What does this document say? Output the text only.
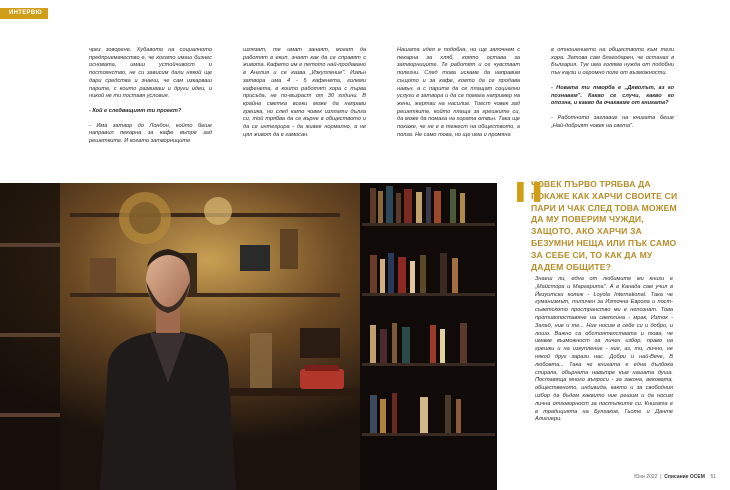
ИНТЕРВЮ

чрез зоворене. Хубавото на социалното предприемачество е, че когато имаш бизнес основата, имаш устойчивост и постоянство, не си зависим дали някой ще дари средства и знаеш, че сам изкарваш парите, с които развиваш и други идеи, и никой не ти поставя условия.

- Кой е следващият ти проект?

- Има затвор до Лондон, който беше направил пекарна за кафе вътре зад решетките. И когато затворниците

излязат, те имат занаят, могат да работят в екип, знаят как да се справят с живота. Кафето им е петото най-продавано в Англия и се казва „Изкупление". Извън затвора има 4 - 5 кафенета, големи кафенета, в които работят хора с първа присъда, не по-възраст от 30 години. В крайна сметка всеки може да направи грешка, но след като човек изплати дълга си, той трябва да се върне в обществото и да се интегрира - да живее нормално, а не цял живот да е гамосан.

Нашата идея е подобна, но ще започнем с пекарна за хляб, която остава за затворниците. Те работят и се чувстват полезни. След това искаме да направим същото и за кафе, което да се продава навън, а с парите да се плащат социални услуги в затвора и да се помага например на жени, жертви на насилие. Тоест човек зад решетките, който плаща за грешките си, да може да помага на хората отвън. Така ще покаже, че не е в тежест на обществото, а полза. Не само това, но ще има и промяна

в отношението на обществото към тези хора. Затова сам благодарен, че останах в България. Тук има голяма нужда от подобни пън каузи и огромно поле от възможности.

- Новата ти творба е „Дяволът, аз го познавам". Какво се случи, какво го опозна, и какво да очакваме от книгата?

- Работното заглавие на книгата беше „Най-добрият човек на света".

❚❚
ЧОВЕК ПЪРВО ТРЯБВА ДА ПОКАЖЕ КАК ХАРЧИ СВОИТЕ СИ ПАРИ И ЧАК СЛЕД ТОВА МОЖЕМ ДА МУ ПОВЕРИМ ЧУЖДИ, ЗАЩОТО, АКО ХАРЧИ ЗА БЕЗУМНИ НЕЩА ИЛИ ПЪК САМО ЗА СЕБЕ СИ, ТО КАК ДА МУ ДАДЕМ ОБЩИТЕ?
Знаеш ли, една от любимите ми книги е „Майстора и Маргарита". А в Канада сам учил в Йезуитски колеж - Loyola International. Така че гуманизмът, типичен за Източна Европа и пост-съветското пространство ми е непознат. Това противопоставяне на светлина - мрак, Изток - Запад, ние и те... Ние носим в себе си и добро, и лошо. Важно са обстоятелствата и това, че имаме възможност за личен избор, право на грешки и на изкупление - ние, аз, ти, лично, не някой друг зарази нас. Добри и най-Вече, В любовта... Така че книгата е една дълбока спирала, обърната навътре към нашата душа. Поставяща много въпроси - за закона, вековата, общественото, индивида, както и за свободния избор да бъдем каквито ние решим и да носим лична отговорност за постъпките си. Книгата е в традицията на Булгаков, Гьоте и Данте Алигиери.
Юни 2022  |  Списание ОСЕМ 51
